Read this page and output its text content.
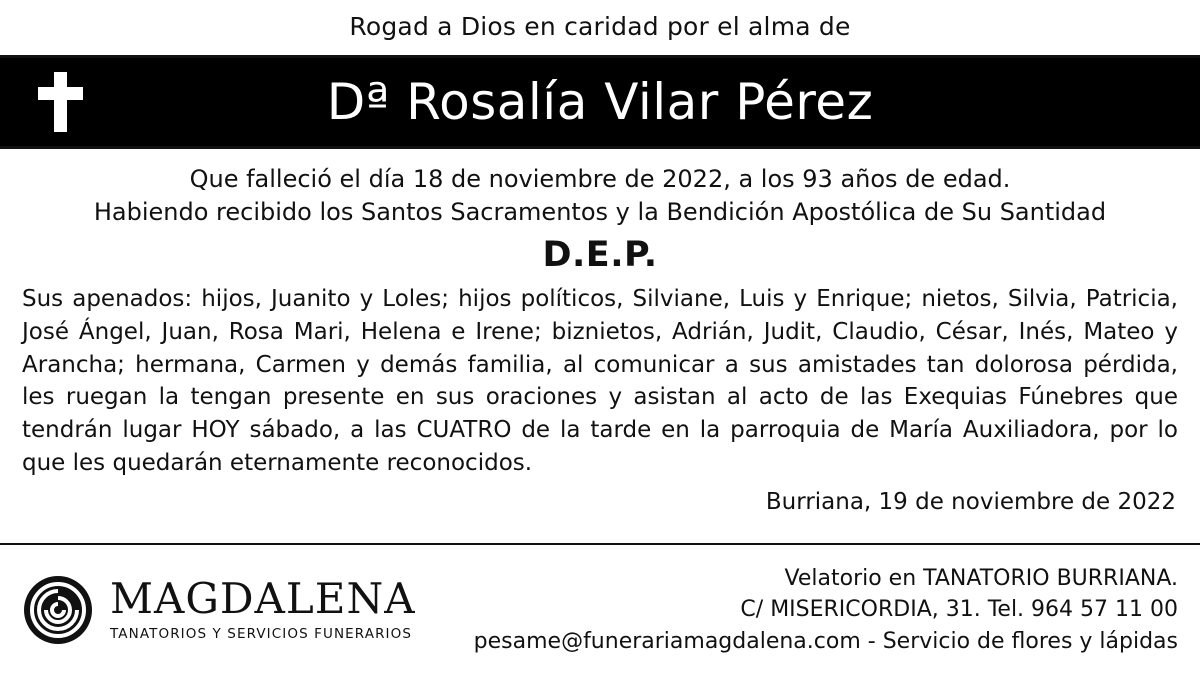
Rogad a Dios en caridad por el alma de
Dª Rosalía Vilar Pérez
Que falleció el día 18 de noviembre de 2022, a los 93 años de edad.
Habiendo recibido los Santos Sacramentos y la Bendición Apostólica de Su Santidad
D.E.P.

Sus apenados: hijos, Juanito y Loles; hijos políticos, Silviane, Luis y Enrique; nietos, Silvia, Patricia, José Ángel, Juan, Rosa Mari, Helena e Irene; biznietos, Adrián, Judit, Claudio, César, Inés, Mateo y Arancha; hermana, Carmen y demás familia, al comunicar a sus amistades tan dolorosa pérdida, les ruegan la tengan presente en sus oraciones y asistan al acto de las Exequias Fúnebres que tendrán lugar HOY sábado, a las CUATRO de la tarde en la parroquia de María Auxiliadora, por lo que les quedarán eternamente reconocidos.

Burriana, 19 de noviembre de 2022
MAGDALENA
TANATORIOS Y SERVICIOS FUNERARIOS
Velatorio en TANATORIO BURRIANA.
C/ MISERICORDIA, 31. Tel. 964 57 11 00
pesame@funerariamagdalena.com - Servicio de flores y lápidas
